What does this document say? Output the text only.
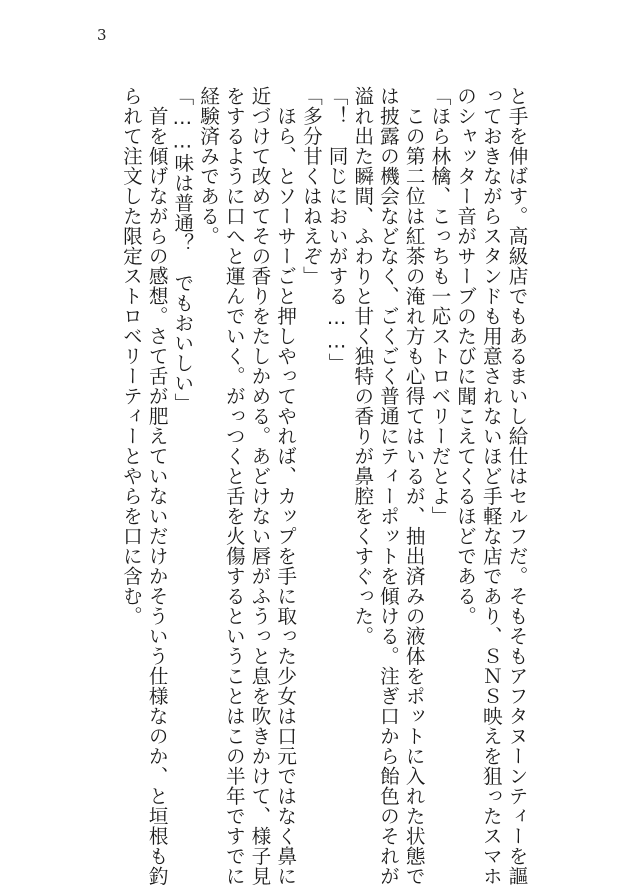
3
と手を伸ばす。高級店でもあるまいし給仕はセルフだ。そもそもアフタヌーンティーを謳
っておきながらスタンドも用意されないほど手軽な店であり、ＳＮＳ映えを狙ったスマホ
のシャッター音がサーブのたびに聞こえてくるほどである。
「ほら林檎、こっちも一応ストロベリーだとよ」
　この第二位は紅茶の淹れ方も心得てはいるが、抽出済みの液体をポットに入れた状態で
は披露の機会などなく、ごくごく普通にティーポットを傾ける。注ぎ口から飴色のそれが
溢れ出た瞬間、ふわりと甘く独特の香りが鼻腔をくすぐった。
「！　同じにおいがする……」
「多分甘くはねえぞ」
　ほら、とソーサーごと押しやってやれば、カップを手に取った少女は口元ではなく鼻に
近づけて改めてその香りをたしかめる。あどけない唇がふうっと息を吹きかけて、様子見
をするように口へと運んでいく。がっつくと舌を火傷するということはこの半年ですでに
経験済みである。
「……味は普通？　でもおいしい」
　首を傾げながらの感想。さて舌が肥えていないだけかそういう仕様なのか、と垣根も釣
られて注文した限定ストロベリーティーとやらを口に含む。
